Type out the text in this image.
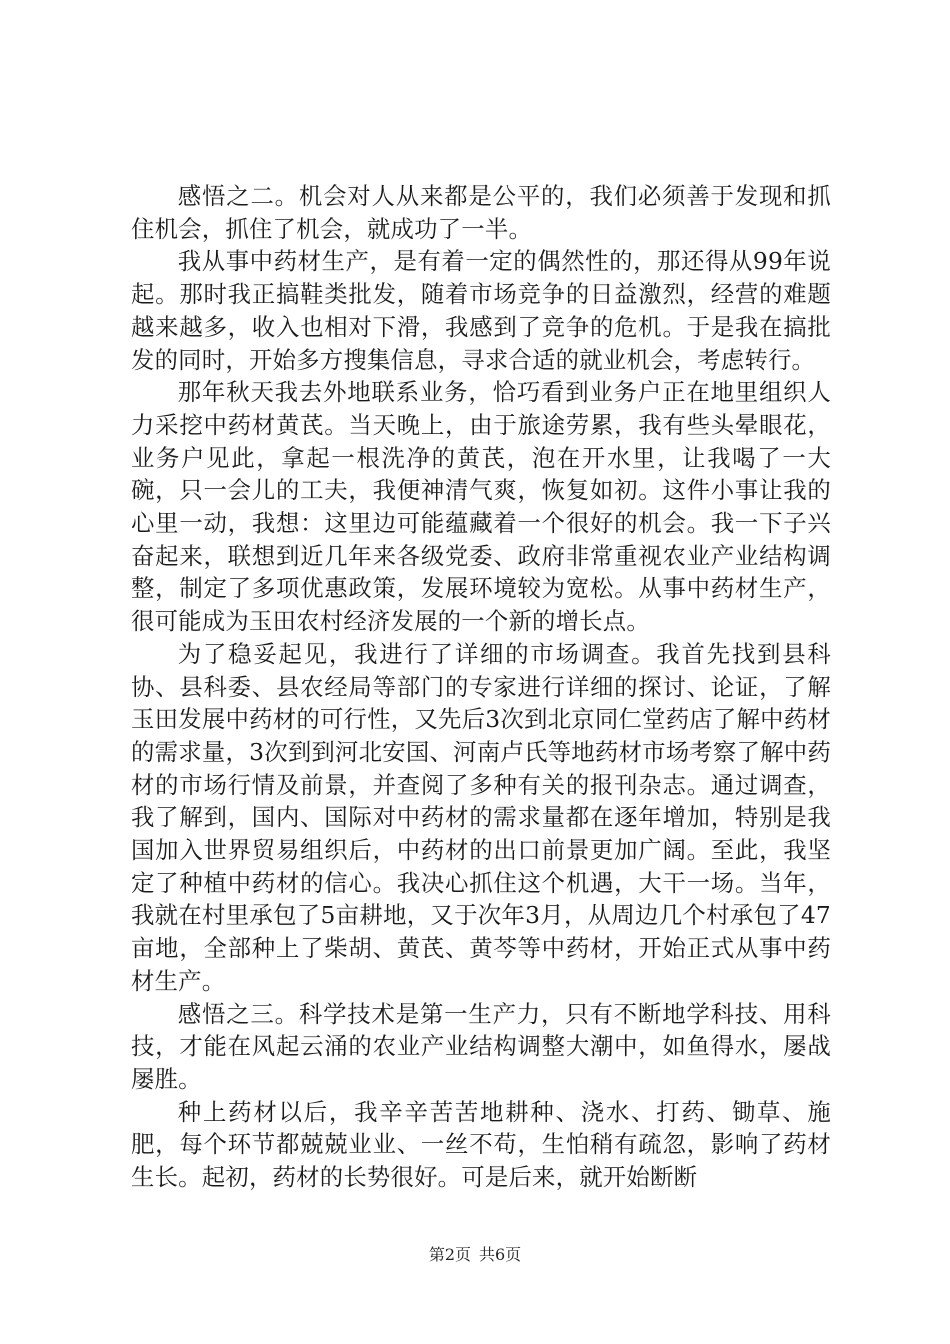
感悟之二。机会对人从来都是公平的，我们必须善于发现和抓住机会，抓住了机会，就成功了一半。

我从事中药材生产，是有着一定的偶然性的，那还得从99年说起。那时我正搞鞋类批发，随着市场竞争的日益激烈，经营的难题越来越多，收入也相对下滑，我感到了竞争的危机。于是我在搞批发的同时，开始多方搜集信息，寻求合适的就业机会，考虑转行。

那年秋天我去外地联系业务，恰巧看到业务户正在地里组织人力采挖中药材黄芪。当天晚上，由于旅途劳累，我有些头晕眼花，业务户见此，拿起一根洗净的黄芪，泡在开水里，让我喝了一大碗，只一会儿的工夫，我便神清气爽，恢复如初。这件小事让我的心里一动，我想：这里边可能蕴藏着一个很好的机会。我一下子兴奋起来，联想到近几年来各级党委、政府非常重视农业产业结构调整，制定了多项优惠政策，发展环境较为宽松。从事中药材生产，很可能成为玉田农村经济发展的一个新的增长点。

为了稳妥起见，我进行了详细的市场调查。我首先找到县科协、县科委、县农经局等部门的专家进行详细的探讨、论证，了解玉田发展中药材的可行性，又先后3次到北京同仁堂药店了解中药材的需求量，3次到到河北安国、河南卢氏等地药材市场考察了解中药材的市场行情及前景，并查阅了多种有关的报刊杂志。通过调查，我了解到，国内、国际对中药材的需求量都在逐年增加，特别是我国加入世界贸易组织后，中药材的出口前景更加广阔。至此，我坚定了种植中药材的信心。我决心抓住这个机遇，大干一场。当年，我就在村里承包了5亩耕地，又于次年3月，从周边几个村承包了47亩地，全部种上了柴胡、黄芪、黄芩等中药材，开始正式从事中药材生产。

感悟之三。科学技术是第一生产力，只有不断地学科技、用科技，才能在风起云涌的农业产业结构调整大潮中，如鱼得水，屡战屡胜。

种上药材以后，我辛辛苦苦地耕种、浇水、打药、锄草、施肥，每个环节都兢兢业业、一丝不苟，生怕稍有疏忽，影响了药材生长。起初，药材的长势很好。可是后来，就开始断断

第2页 共6页
